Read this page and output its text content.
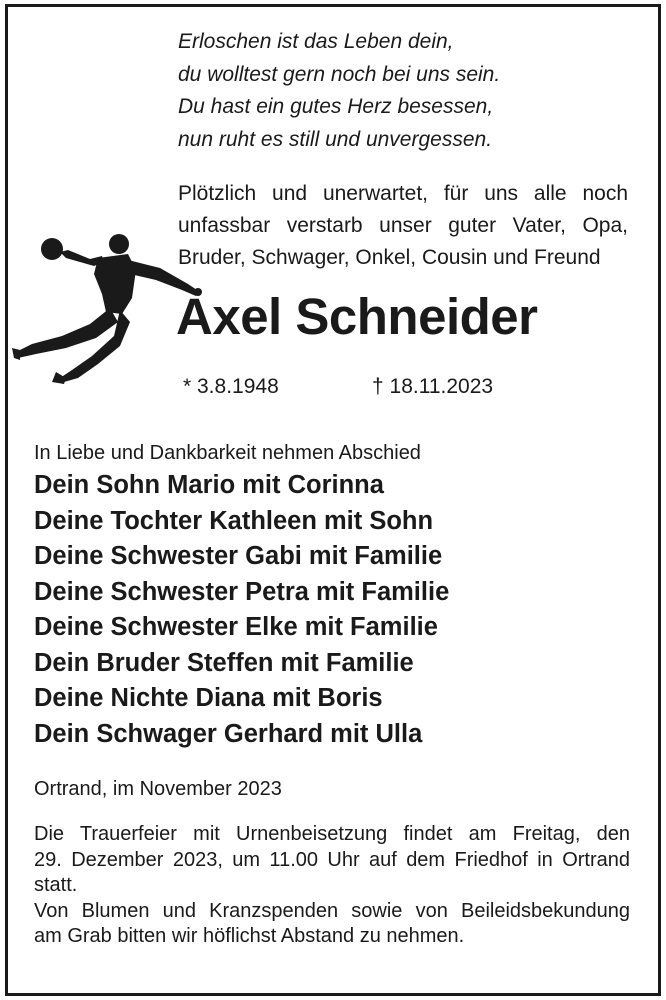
Erloschen ist das Leben dein,
du wolltest gern noch bei uns sein.
Du hast ein gutes Herz besessen,
nun ruht es still und unvergessen.
Plötzlich und unerwartet, für uns alle noch
unfassbar verstarb unser guter Vater, Opa,
Bruder, Schwager, Onkel, Cousin und Freund
Axel Schneider
* 3.8.1948	† 18.11.2023
In Liebe und Dankbarkeit nehmen Abschied
Dein Sohn Mario mit Corinna
Deine Tochter Kathleen mit Sohn
Deine Schwester Gabi mit Familie
Deine Schwester Petra mit Familie
Deine Schwester Elke mit Familie
Dein Bruder Steffen mit Familie
Deine Nichte Diana mit Boris
Dein Schwager Gerhard mit Ulla
Ortrand, im November 2023
Die Trauerfeier mit Urnenbeisetzung findet am Freitag, den
29. Dezember 2023, um 11.00 Uhr auf dem Friedhof in Ortrand
statt.
Von Blumen und Kranzspenden sowie von Beileidsbekundung
am Grab bitten wir höflichst Abstand zu nehmen.
